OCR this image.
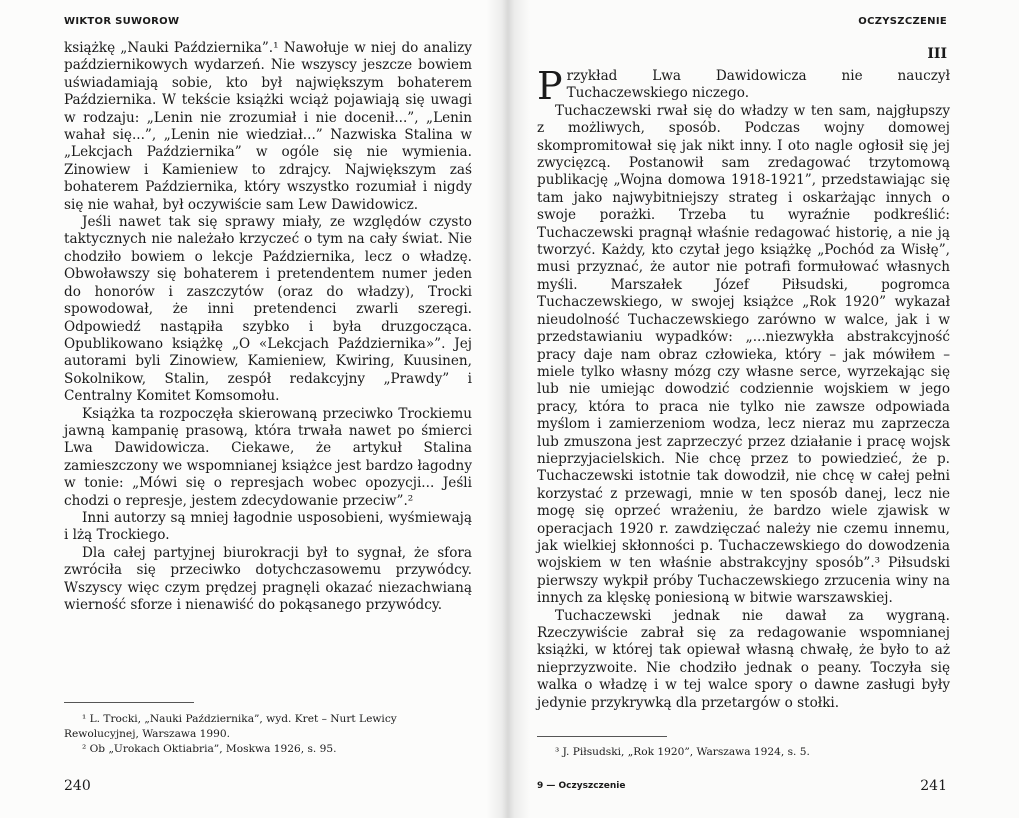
WIKTOR SUWOROW

książkę „Nauki Października”.¹ Nawołuje w niej do analizy październikowych wydarzeń. Nie wszyscy jeszcze bowiem uświadamiają sobie, kto był największym bohaterem Października. W tekście książki wciąż pojawiają się uwagi w rodzaju: „Lenin nie zrozumiał i nie docenił...”, „Lenin wahał się...”, „Lenin nie wiedział...” Nazwiska Stalina w „Lekcjach Października” w ogóle się nie wymienia. Zinowiew i Kamieniew to zdrajcy. Największym zaś bohaterem Października, który wszystko rozumiał i nigdy się nie wahał, był oczywiście sam Lew Dawidowicz.

Jeśli nawet tak się sprawy miały, ze względów czysto taktycznych nie należało krzyczeć o tym na cały świat. Nie chodziło bowiem o lekcje Października, lecz o władzę. Obwoławszy się bohaterem i pretendentem numer jeden do honorów i zaszczytów (oraz do władzy), Trocki spowodował, że inni pretendenci zwarli szeregi. Odpowiedź nastąpiła szybko i była druzgocząca. Opublikowano książkę „O «Lekcjach Października»”. Jej autorami byli Zinowiew, Kamieniew, Kwiring, Kuusinen, Sokolnikow, Stalin, zespół redakcyjny „Prawdy” i Centralny Komitet Komsomołu.

Książka ta rozpoczęła skierowaną przeciwko Trockiemu jawną kampanię prasową, która trwała nawet po śmierci Lwa Dawidowicza. Ciekawe, że artykuł Stalina zamieszczony we wspomnianej książce jest bardzo łagodny w tonie: „Mówi się o represjach wobec opozycji... Jeśli chodzi o represje, jestem zdecydowanie przeciw”.²

Inni autorzy są mniej łagodnie usposobieni, wyśmiewają i lżą Trockiego.

Dla całej partyjnej biurokracji był to sygnał, że sfora zwróciła się przeciwko dotychczasowemu przywódcy. Wszyscy więc czym prędzej pragnęli okazać niezachwianą wierność sforze i nienawiść do pokąsanego przywódcy.

¹ L. Trocki, „Nauki Października”, wyd. Kret – Nurt Lewicy Rewolucyjnej, Warszawa 1990.

² Ob „Urokach Oktiabria”, Moskwa 1926, s. 95.

240
OCZYSZCZENIE
III

Przykład Lwa Dawidowicza nie nauczył Tuchaczewskiego niczego.

Tuchaczewski rwał się do władzy w ten sam, najgłupszy z możliwych, sposób. Podczas wojny domowej skompromitował się jak nikt inny. I oto nagle ogłosił się jej zwycięzcą. Postanowił sam zredagować trzytomową publikację „Wojna domowa 1918-1921”, przedstawiając się tam jako najwybitniejszy strateg i oskarżając innych o swoje porażki. Trzeba tu wyraźnie podkreślić: Tuchaczewski pragnął właśnie redagować historię, a nie ją tworzyć. Każdy, kto czytał jego książkę „Pochód za Wisłę”, musi przyznać, że autor nie potrafi formułować własnych myśli. Marszałek Józef Piłsudski, pogromca Tuchaczewskiego, w swojej książce „Rok 1920” wykazał nieudolność Tuchaczewskiego zarówno w walce, jak i w przedstawianiu wypadków: „...niezwykła abstrakcyjność pracy daje nam obraz człowieka, który – jak mówiłem – miele tylko własny mózg czy własne serce, wyrzekając się lub nie umiejąc dowodzić codziennie wojskiem w jego pracy, która to praca nie tylko nie zawsze odpowiada myślom i zamierzeniom wodza, lecz nieraz mu zaprzecza lub zmuszona jest zaprzeczyć przez działanie i pracę wojsk nieprzyjacielskich. Nie chcę przez to powiedzieć, że p. Tuchaczewski istotnie tak dowodził, nie chcę w całej pełni korzystać z przewagi, mnie w ten sposób danej, lecz nie mogę się oprzeć wrażeniu, że bardzo wiele zjawisk w operacjach 1920 r. zawdzięczać należy nie czemu innemu, jak wielkiej skłonności p. Tuchaczewskiego do dowodzenia wojskiem w ten właśnie abstrakcyjny sposób”.³ Piłsudski pierwszy wykpił próby Tuchaczewskiego zrzucenia winy na innych za klęskę poniesioną w bitwie warszawskiej.

Tuchaczewski jednak nie dawał za wygraną. Rzeczywiście zabrał się za redagowanie wspomnianej książki, w której tak opiewał własną chwałę, że było to aż nieprzyzwoite. Nie chodziło jednak o peany. Toczyła się walka o władzę i w tej walce spory o dawne zasługi były jedynie przykrywką dla przetargów o stołki.

³ J. Piłsudski, „Rok 1920”, Warszawa 1924, s. 5.

9 — Oczyszczenie	241
